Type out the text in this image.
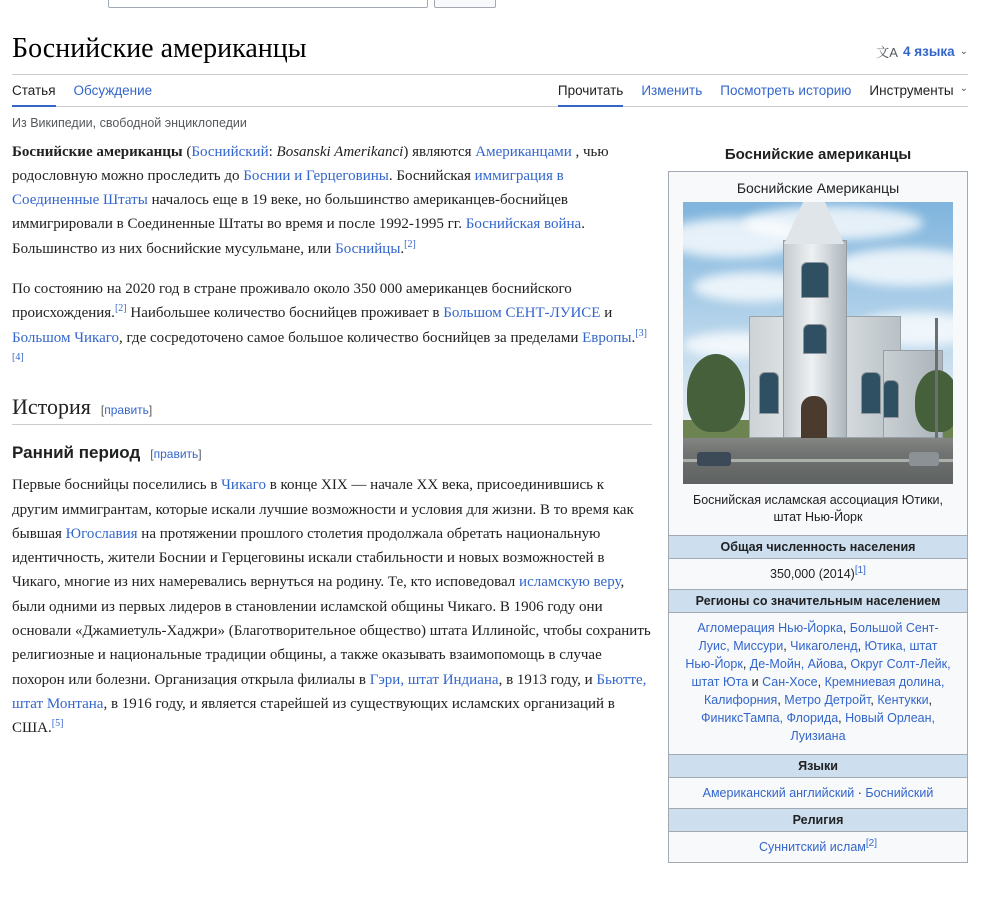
Боснийские американцы	文A 4 языка ⌄
Статья Обсуждение	Прочитать Изменить Посмотреть историю Инструменты ⌄
Из Википедии, свободной энциклопедии

Боснийские американцы (Боснийский: Bosanski Amerikanci) являются Американцами , чью родословную можно проследить до Боснии и Герцеговины. Боснийская иммиграция в Соединенные Штаты началось еще в 19 веке, но большинство американцев-боснийцев иммигрировали в Соединенные Штаты во время и после 1992-1995 гг. Боснийская война. Большинство из них боснийские мусульмане, или Боснийцы.[2]

По состоянию на 2020 год в стране проживало около 350 000 американцев боснийского происхождения.[2] Наибольшее количество боснийцев проживает в Большом СЕНТ-ЛУИСЕ и Большом Чикаго, где сосредоточено самое большое количество боснийцев за пределами Европы.[3][4]

История [править]
Ранний период [править]

Первые боснийцы поселились в Чикаго в конце XIX — начале XX века, присоединившись к другим иммигрантам, которые искали лучшие возможности и условия для жизни. В то время как бывшая Югославия на протяжении прошлого столетия продолжала обретать национальную идентичность, жители Боснии и Герцеговины искали стабильности и новых возможностей в Чикаго, многие из них намеревались вернуться на родину. Те, кто исповедовал исламскую веру, были одними из первых лидеров в становлении исламской общины Чикаго. В 1906 году они основали «Джамиетуль-Хаджри» (Благотворительное общество) штата Иллинойс, чтобы сохранить религиозные и национальные традиции общины, а также оказывать взаимопомощь в случае похорон или болезни. Организация открыла филиалы в Гэри, штат Индиана, в 1913 году, и Бьютте, штат Монтана, в 1916 году, и является старейшей из существующих исламских организаций в США.[5]

Боснийские американцы
Боснийские Американцы
Боснийская исламская ассоциация Ютики, штат Нью-Йорк
Общая численность населения
350,000 (2014)[1]
Регионы со значительным населением
Агломерация Нью-Йорка, Большой Сент-Луис, Миссури, Чикаголенд, Ютика, штат Нью-Йорк, Де-Мойн, Айова, Округ Солт-Лейк, штат Юта и Сан-Хосе, Кремниевая долина, Калифорния, Метро Детройт, Кентукки, ФиниксТампа, Флорида, Новый Орлеан, Луизиана
Языки
Американский английский · Боснийский
Религия
Суннитский ислам[2]
